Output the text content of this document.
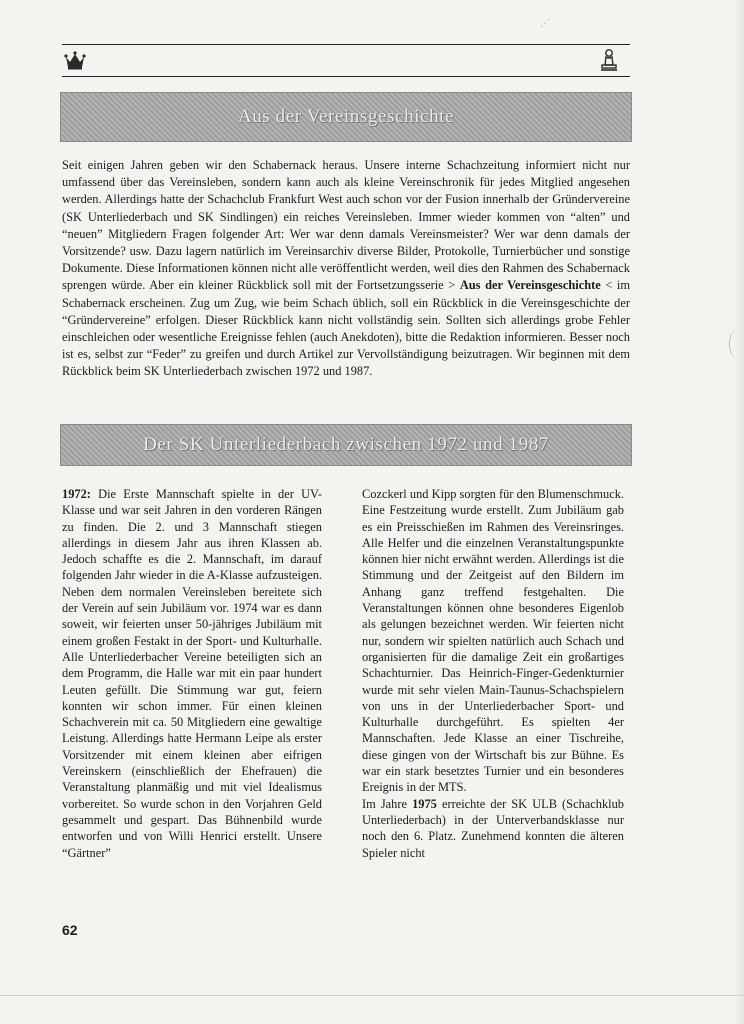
⋰
Aus der Vereinsgeschichte
Seit einigen Jahren geben wir den Schabernack heraus. Unsere interne Schachzeitung informiert nicht nur umfassend über das Vereinsleben, sondern kann auch als kleine Vereinschronik für jedes Mitglied angesehen werden. Allerdings hatte der Schachclub Frankfurt West auch schon vor der Fusion innerhalb der Gründervereine (SK Unterliederbach und SK Sindlingen) ein reiches Vereinsleben. Immer wieder kommen von “alten” und “neuen” Mitgliedern Fragen folgender Art: Wer war denn damals Vereinsmeister? Wer war denn damals der Vorsitzende? usw. Dazu lagern natürlich im Vereinsarchiv diverse Bilder, Protokolle, Turnierbücher und sonstige Dokumente. Diese Informationen können nicht alle veröffentlicht werden, weil dies den Rahmen des Schabernack sprengen würde. Aber ein kleiner Rückblick soll mit der Fortsetzungsserie > Aus der Vereinsgeschichte < im Schabernack erscheinen. Zug um Zug, wie beim Schach üblich, soll ein Rückblick in die Vereinsgeschichte der “Gründervereine” erfolgen. Dieser Rückblick kann nicht vollständig sein. Sollten sich allerdings grobe Fehler einschleichen oder wesentliche Ereignisse fehlen (auch Anekdoten), bitte die Redaktion informieren. Besser noch ist es, selbst zur “Feder” zu greifen und durch Artikel zur Vervollständigung beizutragen. Wir beginnen mit dem Rückblick beim SK Unterliederbach zwischen 1972 und 1987.
Der SK Unterliederbach zwischen 1972 und 1987

1972: Die Erste Mannschaft spielte in der UV-Klasse und war seit Jahren in den vorderen Rängen zu finden. Die 2. und 3 Mannschaft stiegen allerdings in diesem Jahr aus ihren Klassen ab. Jedoch schaffte es die 2. Mannschaft, im darauf folgenden Jahr wieder in die A-Klasse aufzusteigen. Neben dem normalen Vereinsleben bereitete sich der Verein auf sein Jubiläum vor. 1974 war es dann soweit, wir feierten unser 50-jähriges Jubiläum mit einem großen Festakt in der Sport- und Kulturhalle. Alle Unterliederbacher Vereine beteiligten sich an dem Programm, die Halle war mit ein paar hundert Leuten gefüllt. Die Stimmung war gut, feiern konnten wir schon immer. Für einen kleinen Schachverein mit ca. 50 Mitgliedern eine gewaltige Leistung. Allerdings hatte Hermann Leipe als erster Vorsitzender mit einem kleinen aber eifrigen Vereinskern (einschließlich der Ehefrauen) die Veranstaltung planmäßig und mit viel Idealismus vorbereitet. So wurde schon in den Vorjahren Geld gesammelt und gespart. Das Bühnenbild wurde entworfen und von Willi Henrici erstellt. Unsere “Gärtner”

Cozckerl und Kipp sorgten für den Blumenschmuck. Eine Festzeitung wurde erstellt. Zum Jubiläum gab es ein Preisschießen im Rahmen des Vereinsringes. Alle Helfer und die einzelnen Veranstaltungspunkte können hier nicht erwähnt werden. Allerdings ist die Stimmung und der Zeitgeist auf den Bildern im Anhang ganz treffend festgehalten. Die Veranstaltungen können ohne besonderes Eigenlob als gelungen bezeichnet werden. Wir feierten nicht nur, sondern wir spielten natürlich auch Schach und organisierten für die damalige Zeit ein großartiges Schachturnier. Das Heinrich-Finger-Gedenkturnier wurde mit sehr vielen Main-Taunus-Schachspielern von uns in der Unterliederbacher Sport- und Kulturhalle durchgeführt. Es spielten 4er Mannschaften. Jede Klasse an einer Tischreihe, diese gingen von der Wirtschaft bis zur Bühne. Es war ein stark besetztes Turnier und ein besonderes Ereignis in der MTS.

Im Jahre 1975 erreichte der SK ULB (Schachklub Unterliederbach) in der Unterverbandsklasse nur noch den 6. Platz. Zunehmend konnten die älteren Spieler nicht

62
